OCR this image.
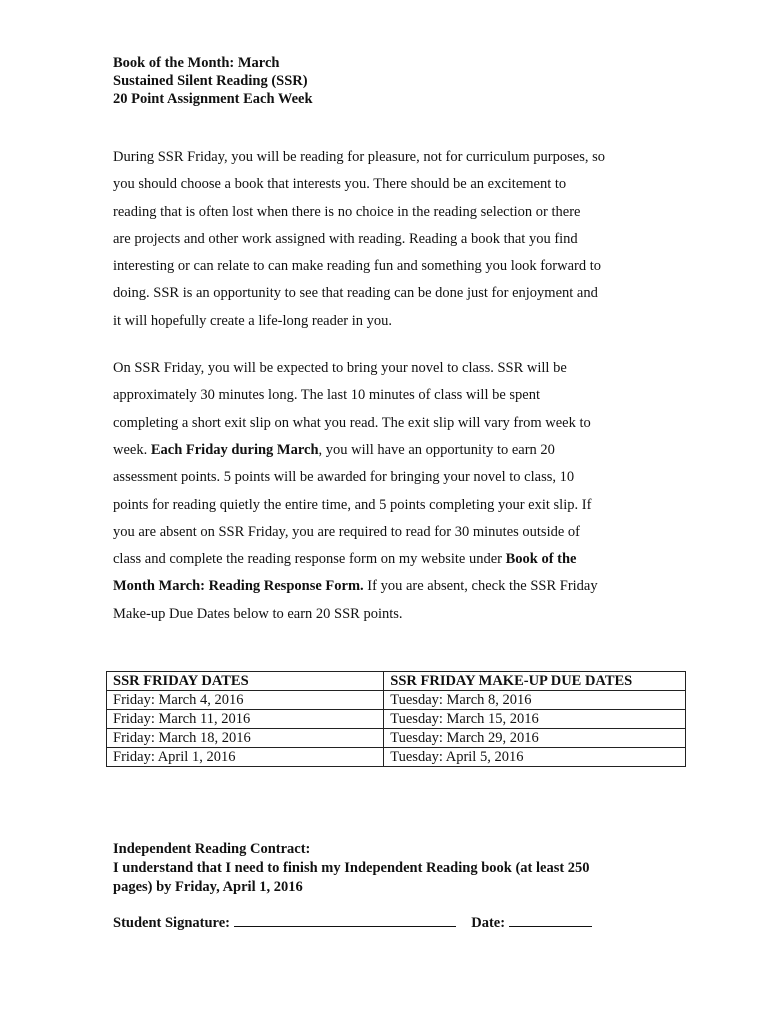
Book of the Month: March
Sustained Silent Reading (SSR)
20 Point Assignment Each Week

During SSR Friday, you will be reading for pleasure, not for curriculum purposes, so
you should choose a book that interests you. There should be an excitement to
reading that is often lost when there is no choice in the reading selection or there
are projects and other work assigned with reading. Reading a book that you find
interesting or can relate to can make reading fun and something you look forward to
doing. SSR is an opportunity to see that reading can be done just for enjoyment and
it will hopefully create a life-long reader in you.

On SSR Friday, you will be expected to bring your novel to class. SSR will be
approximately 30 minutes long. The last 10 minutes of class will be spent
completing a short exit slip on what you read. The exit slip will vary from week to
week. Each Friday during March, you will have an opportunity to earn 20
assessment points. 5 points will be awarded for bringing your novel to class, 10
points for reading quietly the entire time, and 5 points completing your exit slip. If
you are absent on SSR Friday, you are required to read for 30 minutes outside of
class and complete the reading response form on my website under Book of the
Month March: Reading Response Form. If you are absent, check the SSR Friday
Make-up Due Dates below to earn 20 SSR points.

SSR FRIDAY DATES	SSR FRIDAY MAKE-UP DUE DATES
Friday: March 4, 2016	Tuesday: March 8, 2016
Friday: March 11, 2016	Tuesday: March 15, 2016
Friday: March 18, 2016	Tuesday: March 29, 2016
Friday: April 1, 2016	Tuesday: April 5, 2016
Independent Reading Contract:
I understand that I need to finish my Independent Reading book (at least 250
pages) by Friday, April 1, 2016
Student Signature:	Date:
